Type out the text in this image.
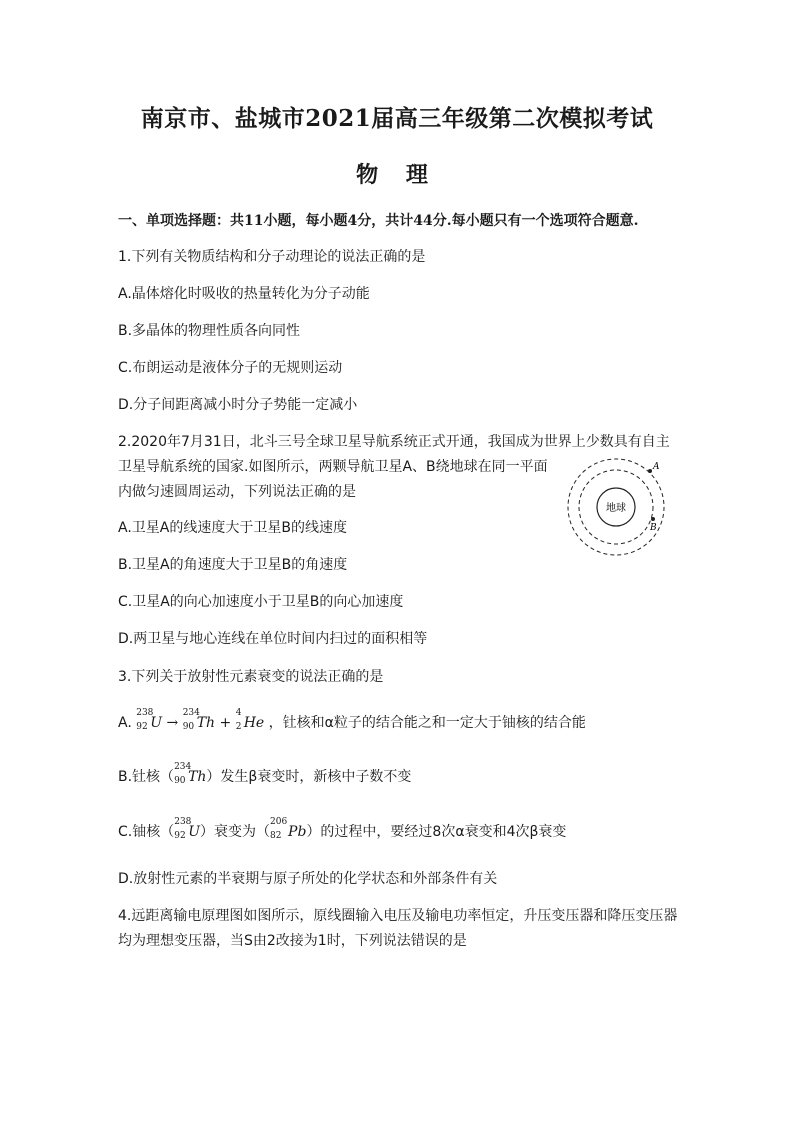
南京市、盐城市2021届高三年级第二次模拟考试
物 理
一、单项选择题：共11小题，每小题4分，共计44分.每小题只有一个选项符合题意.
1.下列有关物质结构和分子动理论的说法正确的是
A.晶体熔化时吸收的热量转化为分子动能
B.多晶体的物理性质各向同性
C.布朗运动是液体分子的无规则运动
D.分子间距离减小时分子势能一定减小
2.2020年7月31日，北斗三号全球卫星导航系统正式开通，我国成为世界上少数具有自主
卫星导航系统的国家.如图所示，两颗导航卫星A、B绕地球在同一平面
内做匀速圆周运动，下列说法正确的是
A.卫星A的线速度大于卫星B的线速度
B.卫星A的角速度大于卫星B的角速度
C.卫星A的向心加速度小于卫星B的向心加速度
D.两卫星与地心连线在单位时间内扫过的面积相等
地球
A
B
3.下列关于放射性元素衰变的说法正确的是
A.
238
92 U →
234
90 Th +
4
2 He ，钍核和α粒子的结合能之和一定大于铀核的结合能
B.钍核（
234
90 Th）发生β衰变时，新核中子数不变
C.铀核（
238
92 U）衰变为（
206
82 Pb）的过程中，要经过8次α衰变和4次β衰变
D.放射性元素的半衰期与原子所处的化学状态和外部条件有关
4.远距离输电原理图如图所示，原线圈输入电压及输电功率恒定，升压变压器和降压变压器
均为理想变压器，当S由2改接为1时，下列说法错误的是
